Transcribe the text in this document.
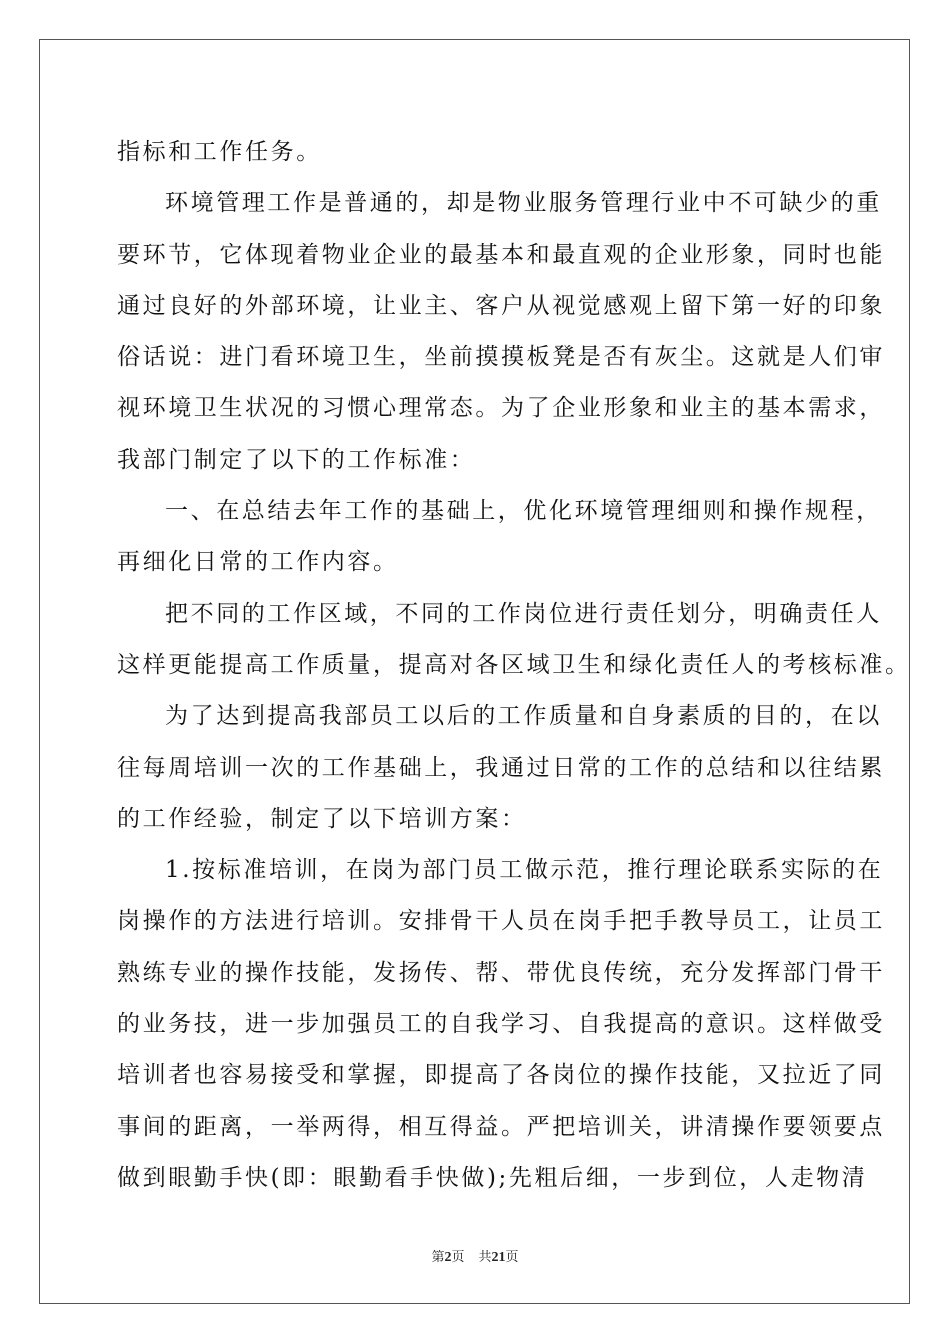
指标和工作任务。
环境管理工作是普通的，却是物业服务管理行业中不可缺少的重
要环节，它体现着物业企业的最基本和最直观的企业形象，同时也能
通过良好的外部环境，让业主、客户从视觉感观上留下第一好的印象
俗话说：进门看环境卫生，坐前摸摸板凳是否有灰尘。这就是人们审
视环境卫生状况的习惯心理常态。为了企业形象和业主的基本需求，
我部门制定了以下的工作标准：
一、在总结去年工作的基础上，优化环境管理细则和操作规程，
再细化日常的工作内容。
把不同的工作区域，不同的工作岗位进行责任划分，明确责任人
这样更能提高工作质量，提高对各区域卫生和绿化责任人的考核标准。
为了达到提高我部员工以后的工作质量和自身素质的目的，在以
往每周培训一次的工作基础上，我通过日常的工作的总结和以往结累
的工作经验，制定了以下培训方案：
1.按标准培训，在岗为部门员工做示范，推行理论联系实际的在
岗操作的方法进行培训。安排骨干人员在岗手把手教导员工，让员工
熟练专业的操作技能，发扬传、帮、带优良传统，充分发挥部门骨干
的业务技，进一步加强员工的自我学习、自我提高的意识。这样做受
培训者也容易接受和掌握，即提高了各岗位的操作技能，又拉近了同
事间的距离，一举两得，相互得益。严把培训关，讲清操作要领要点
做到眼勤手快(即：眼勤看手快做);先粗后细，一步到位，人走物清
第2页 共21页
